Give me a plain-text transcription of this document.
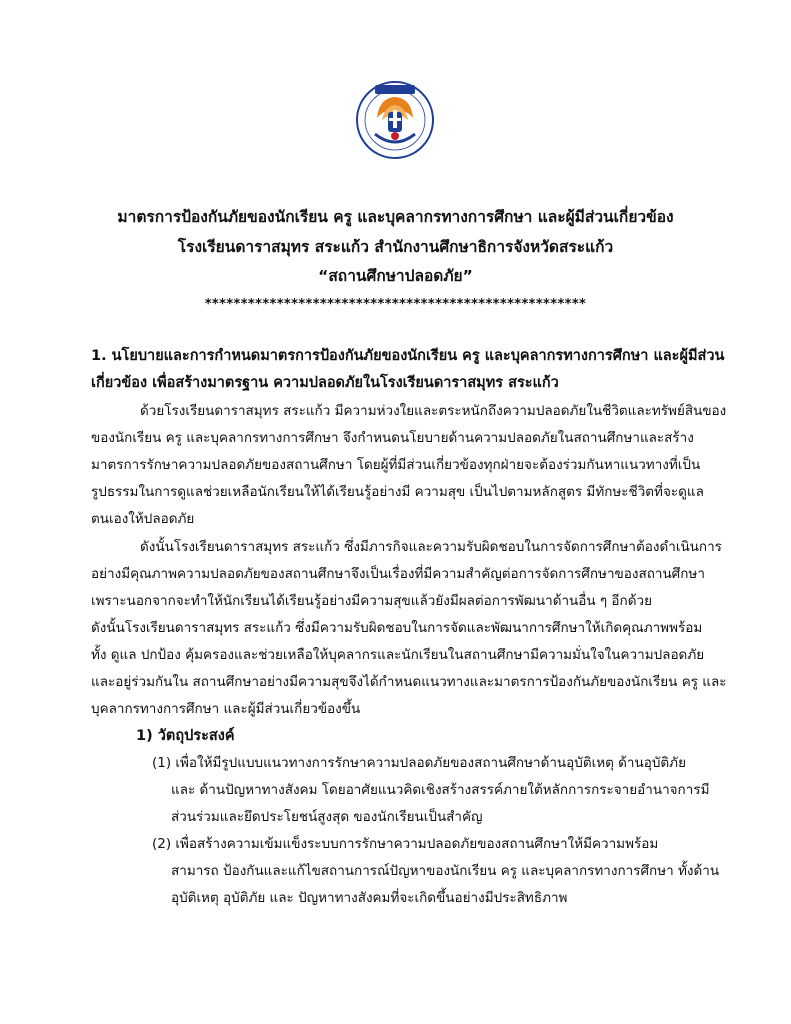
มาตรการป้องกันภัยของนักเรียน ครู และบุคลากรทางการศึกษา และผู้มีส่วนเกี่ยวข้อง
โรงเรียนดาราสมุทร สระแก้ว สำนักงานศึกษาธิการจังหวัดสระแก้ว
“สถานศึกษาปลอดภัย”
*****************************************************
1. นโยบายและการกำหนดมาตรการป้องกันภัยของนักเรียน ครู และบุคลากรทางการศึกษา และผู้มีส่วน
เกี่ยวข้อง เพื่อสร้างมาตรฐาน ความปลอดภัยในโรงเรียนดาราสมุทร สระแก้ว
ด้วยโรงเรียนดาราสมุทร สระแก้ว มีความห่วงใยและตระหนักถึงความปลอดภัยในชีวิตและทรัพย์สินของ
ของนักเรียน ครู และบุคลากรทางการศึกษา จึงกำหนดนโยบายด้านความปลอดภัยในสถานศึกษาและสร้าง
มาตรการรักษาความปลอดภัยของสถานศึกษา โดยผู้ที่มีส่วนเกี่ยวข้องทุกฝ่ายจะต้องร่วมกันหาแนวทางที่เป็น
รูปธรรมในการดูแลช่วยเหลือนักเรียนให้ได้เรียนรู้อย่างมี ความสุข เป็นไปตามหลักสูตร มีทักษะชีวิตที่จะดูแล
ตนเองให้ปลอดภัย
ดังนั้นโรงเรียนดาราสมุทร สระแก้ว ซึ่งมีภารกิจและความรับผิดชอบในการจัดการศึกษาต้องดำเนินการ
อย่างมีคุณภาพความปลอดภัยของสถานศึกษาจึงเป็นเรื่องที่มีความสำคัญต่อการจัดการศึกษาของสถานศึกษา
เพราะนอกจากจะทำให้นักเรียนได้เรียนรู้อย่างมีความสุขแล้วยังมีผลต่อการพัฒนาด้านอื่น ๆ อีกด้วย
ดังนั้นโรงเรียนดาราสมุทร สระแก้ว ซึ่งมีความรับผิดชอบในการจัดและพัฒนาการศึกษาให้เกิดคุณภาพพร้อม
ทั้ง ดูแล ปกป้อง คุ้มครองและช่วยเหลือให้บุคลากรและนักเรียนในสถานศึกษามีความมั่นใจในความปลอดภัย
และอยู่ร่วมกันใน สถานศึกษาอย่างมีความสุขจึงได้กำหนดแนวทางและมาตรการป้องกันภัยของนักเรียน ครู และ
บุคลากรทางการศึกษา และผู้มีส่วนเกี่ยวข้องขึ้น
1) วัตถุประสงค์
(1) เพื่อให้มีรูปแบบแนวทางการรักษาความปลอดภัยของสถานศึกษาด้านอุบัติเหตุ ด้านอุบัติภัย
และ ด้านปัญหาทางสังคม โดยอาศัยแนวคิดเชิงสร้างสรรค์ภายใต้หลักการกระจายอำนาจการมี
ส่วนร่วมและยึดประโยชน์สูงสุด ของนักเรียนเป็นสำคัญ
(2) เพื่อสร้างความเข้มแข็งระบบการรักษาความปลอดภัยของสถานศึกษาให้มีความพร้อม
สามารถ ป้องกันและแก้ไขสถานการณ์ปัญหาของนักเรียน ครู และบุคลากรทางการศึกษา ทั้งด้าน
อุบัติเหตุ อุบัติภัย และ ปัญหาทางสังคมที่จะเกิดขึ้นอย่างมีประสิทธิภาพ
